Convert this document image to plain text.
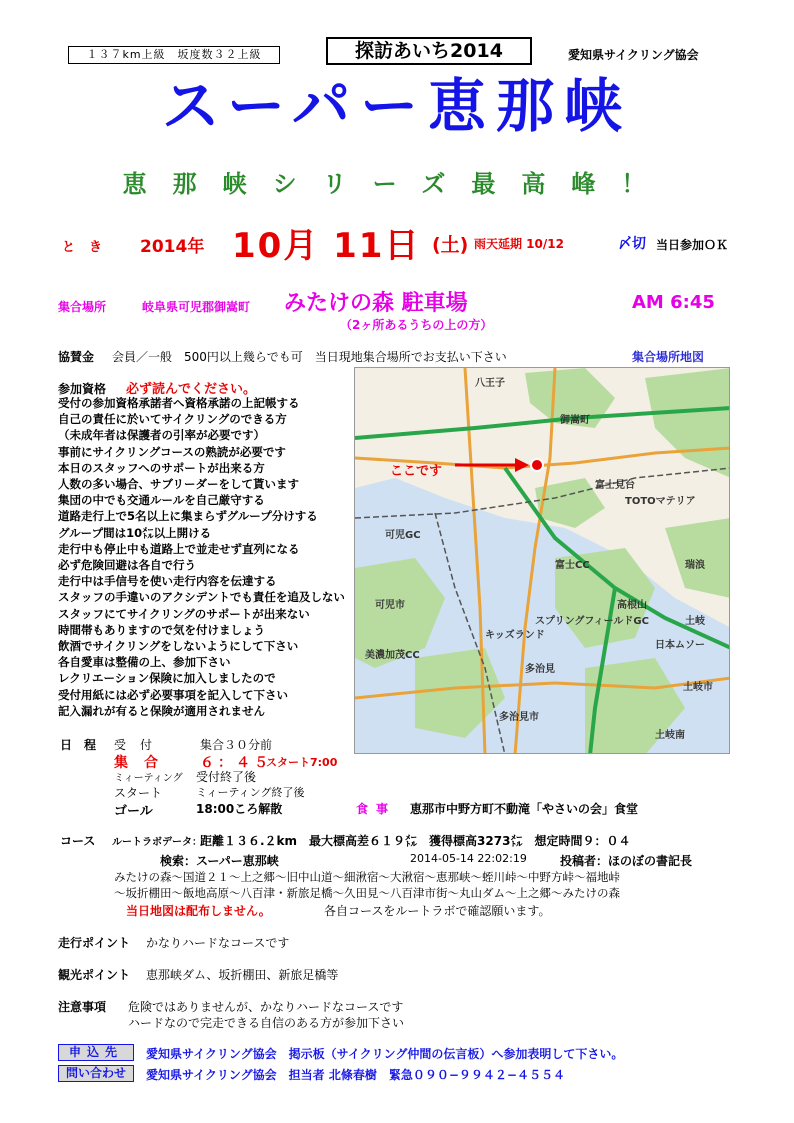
１３７km上級　坂度数３２上級	探訪あいち2014	愛知県サイクリング協会
スーパー恵那峡
恵那峡シリーズ最高峰！
とき 2014年 10月 11日 (土) 雨天延期 10/12	〆切 当日参加ＯＫ
集合場所	岐阜県可児郡御嵩町 みたけの森 駐車場
（2ヶ所あるうちの上の方）
AM 6:45
協賛金 会員／一般　500円以上幾らでも可　当日現地集合場所でお支払い下さい	集合場所地図
参加資格 必ず読んでください。
受付の参加資格承諾者へ資格承諾の上記帳する
自己の責任に於いてサイクリングのできる方
（未成年者は保護者の引率が必要です）
事前にサイクリングコースの熟読が必要です
本日のスタッフへのサポートが出来る方
人数の多い場合、サブリーダーをして貰います
集団の中でも交通ルールを自己厳守する
道路走行上で5名以上に集まらずグループ分けする
グループ間は10㍍以上開ける
走行中も停止中も道路上で並走せず直列になる
必ず危険回避は各自で行う
走行中は手信号を使い走行内容を伝達する
スタッフの手違いのアクシデントでも責任を追及しない
スタッフにてサイクリングのサポートが出来ない
時間帯もありますので気を付けましょう
飲酒でサイクリングをしないようにして下さい
各自愛車は整備の上、参加下さい
レクリエーション保険に加入しましたので
受付用紙には必ず必要事項を記入して下さい
記入漏れが有ると保険が適用されません
八王子
御嵩町
可児市
富士見台
TOTOマテリア
富士CC
高根山
日本ムソー
土岐
土岐市
多治見市
多治見
キッズランド
スプリングフィールドGC
可児GC
美濃加茂CC
瑞浪
土岐南
ここです
日程 受付	集合３０分前
集合 ６：４５
スタート7:00
ミィーティング 受付終了後
スタート	ミィーティング終了後
ゴール	18:00ころ解散	食事 恵那市中野方町不動滝「やさいの会」食堂
コース ルートラボデータ：
距離１３６.２km　最大標高差６１９㍍　獲得標高3273㍍　想定時間９：０４
検索：スーパー恵那峡	2014-05-14 22:02:19	投稿者：ほのぼの書記長
みたけの森～国道２１～上之郷～旧中山道～細湫宿～大湫宿～恵那峡～蛭川峠～中野方峠～福地峠
～坂折棚田～飯地高原～八百津・新旅足橋～久田見～八百津市街～丸山ダム～上之郷～みたけの森
当日地図は配布しません。	各自コースをルートラボで確認願います。
走行ポイント かなりハードなコースです
観光ポイント 恵那峡ダム、坂折棚田、新旅足橋等
注意事項 危険ではありませんが、かなりハードなコースです
ハードなので完走できる自信のある方が参加下さい
申込先	愛知県サイクリング協会　掲示板（サイクリング仲間の伝言板）へ参加表明して下さい。
問い合わせ	愛知県サイクリング協会　担当者 北條春樹　緊急０９０−９９４２−４５５４
